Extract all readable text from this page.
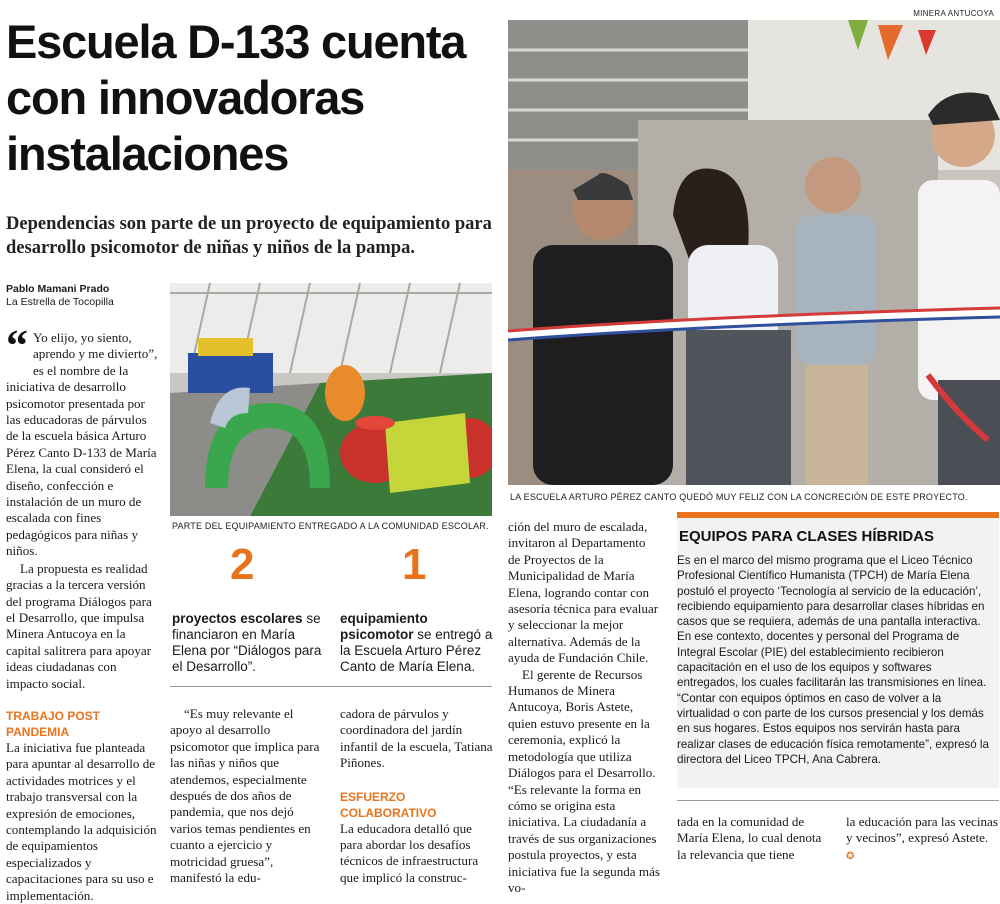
MINERA ANTUCOYA
Escuela D-133 cuenta con innovadoras instalaciones
Dependencias son parte de un proyecto de equipamiento para desarrollo psicomotor de niñas y niños de la pampa.
Pablo Mamani Prado
La Estrella de Tocopilla

“ Yo elijo, yo siento, aprendo y me divierto”, es el nombre de la iniciativa de desarrollo psicomotor presentada por las educadoras de párvulos de la escuela básica Arturo Pérez Canto D-133 de María Elena, la cual consideró el diseño, confección e instalación de un muro de escalada con fines pedagógicos para niñas y niños.

La propuesta es realidad gracias a la tercera versión del programa Diálogos para el Desarrollo, que impulsa Minera Antucoya en la capital salitrera para apoyar ideas ciudadanas con impacto social.

TRABAJO POST PANDEMIA

La iniciativa fue planteada para apuntar al desarrollo de actividades motrices y el trabajo transversal con la expresión de emociones, contemplando la adquisición de equipamientos especializados y capacitaciones para su uso e implementación.

PARTE DEL EQUIPAMIENTO ENTREGADO A LA COMUNIDAD ESCOLAR.
2
proyectos escolares se financiaron en María Elena por “Diálogos para el Desarrollo”.
1
equipamiento psicomotor se entregó a la Escuela Arturo Pérez Canto de María Elena.

“Es muy relevante el apoyo al desarrollo psicomotor que implica para las niñas y niños que atendemos, especialmente después de dos años de pandemia, que nos dejó varios temas pendientes en cuanto a ejercicio y motricidad gruesa”, manifestó la edu-

cadora de párvulos y coordinadora del jardín infantil de la escuela, Tatiana Piñones.

ESFUERZO COLABORATIVO

La educadora detalló que para abordar los desafíos técnicos de infraestructura que implicó la construc-

LA ESCUELA ARTURO PÉREZ CANTO QUEDÓ MUY FELIZ CON LA CONCRECIÓN DE ESTE PROYECTO.

ción del muro de escalada, invitaron al Departamento de Proyectos de la Municipalidad de María Elena, logrando contar con asesoría técnica para evaluar y seleccionar la mejor alternativa. Además de la ayuda de Fundación Chile.

El gerente de Recursos Humanos de Minera Antucoya, Boris Astete, quien estuvo presente en la ceremonia, explicó la metodología que utiliza Diálogos para el Desarrollo. “Es relevante la forma en cómo se origina esta iniciativa. La ciudadanía a través de sus organizaciones postula proyectos, y esta iniciativa fue la segunda más vo-

EQUIPOS PARA CLASES HÍBRIDAS

Es en el marco del mismo programa que el Liceo Técnico Profesional Científico Humanista (TPCH) de María Elena postuló el proyecto ‘Tecnología al servicio de la educación’, recibiendo equipamiento para desarrollar clases híbridas en casos que se requiera, además de una pantalla interactiva. En ese contexto, docentes y personal del Programa de Integral Escolar (PIE) del establecimiento recibieron capacitación en el uso de los equipos y softwares entregados, los cuales facilitarán las transmisiones en línea.

“Contar con equipos óptimos en caso de volver a la virtualidad o con parte de los cursos presencial y los demás en sus hogares. Estos equipos nos servirán hasta para realizar clases de educación física remotamente”, expresó la directora del Liceo TPCH, Ana Cabrera.

tada en la comunidad de María Elena, lo cual denota la relevancia que tiene

la educación para las vecinas y vecinos”, expresó Astete. ✪
